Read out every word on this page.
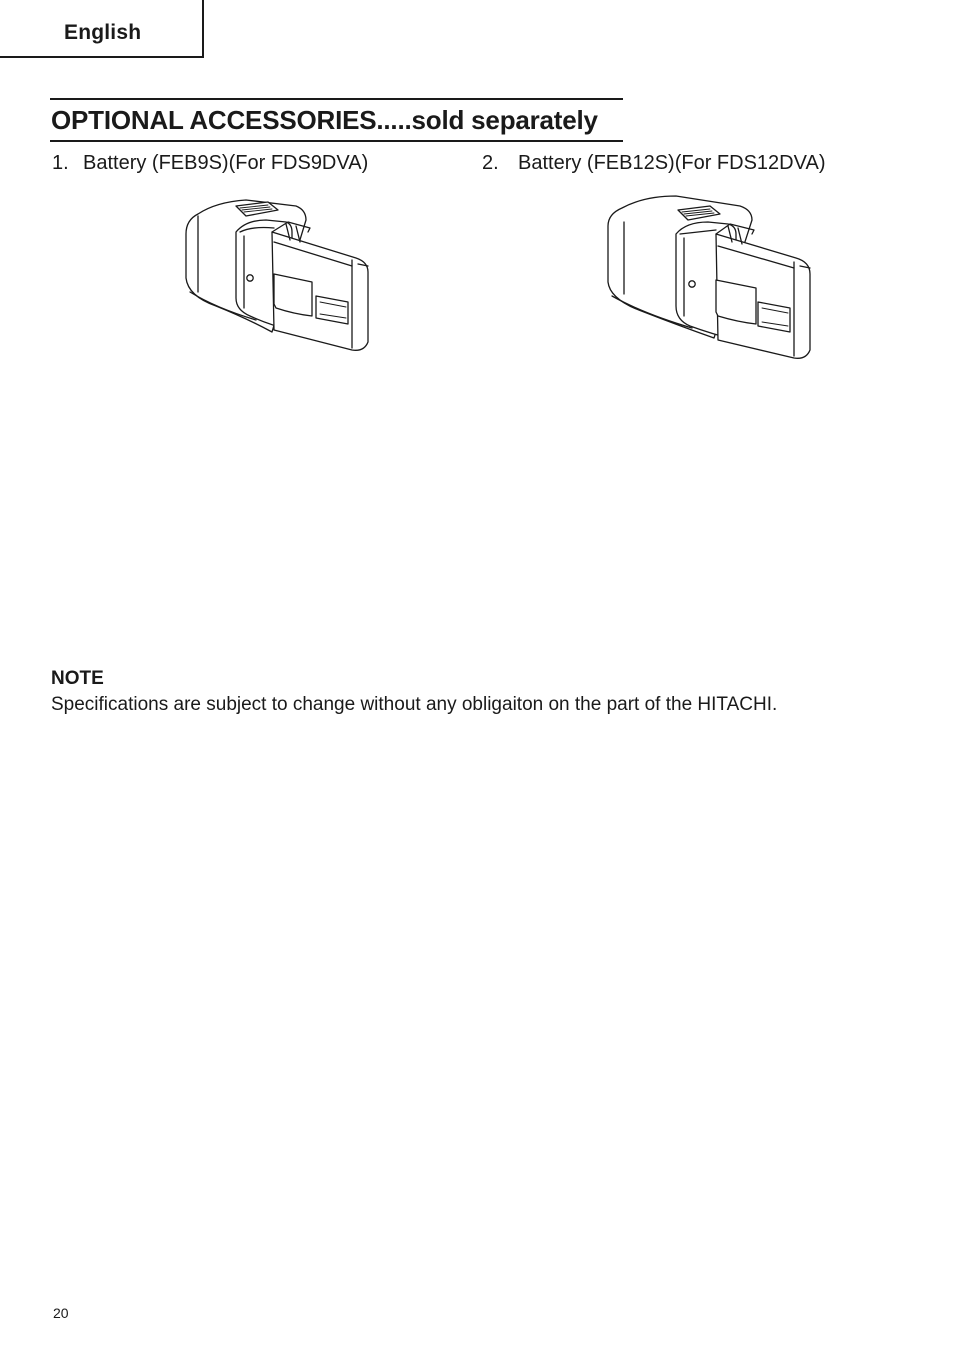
English
OPTIONAL ACCESSORIES.....sold separately
1. Battery (FEB9S)(For FDS9DVA)	2. Battery (FEB12S)(For FDS12DVA)
NOTE
Specifications are subject to change without any obligaiton on the part of the HITACHI.
20
